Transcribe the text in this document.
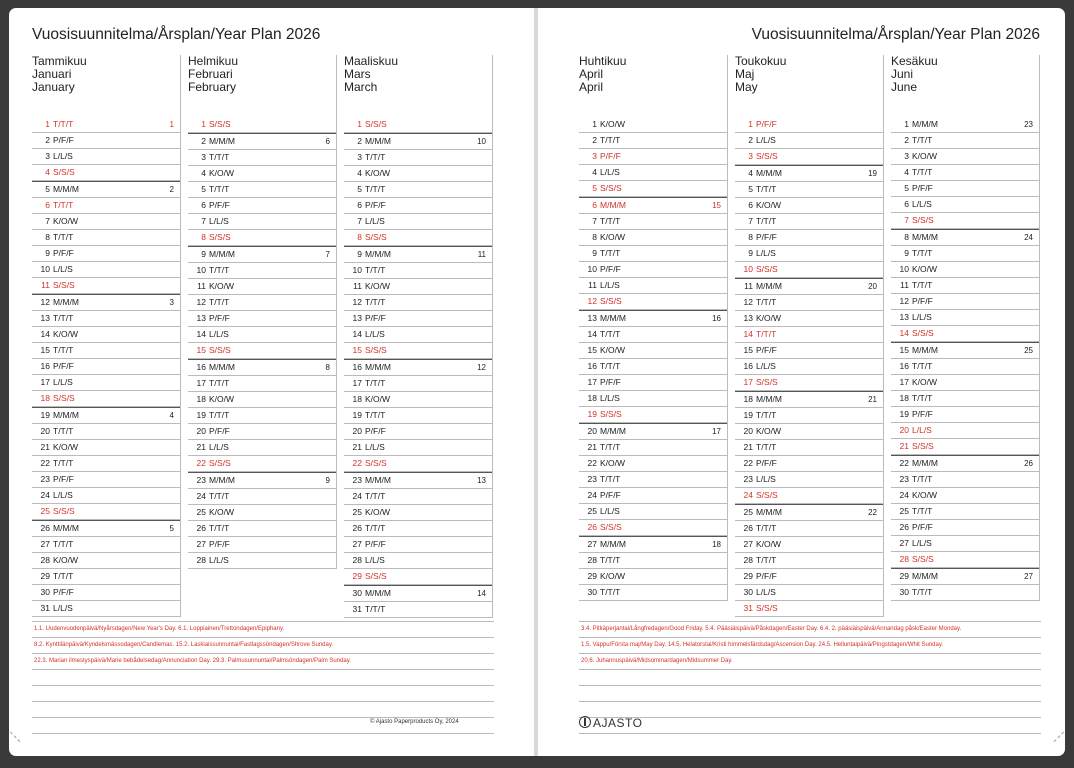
Vuosisuunnitelma/Årsplan/Year Plan 2026
Tammikuu
Januari
January
1 T/T/T	1
2 P/F/F
3 L/L/S
4 S/S/S
5 M/M/M	2
6 T/T/T
7 K/O/W
8 T/T/T
9 P/F/F
10 L/L/S
11 S/S/S
12 M/M/M	3
13 T/T/T
14 K/O/W
15 T/T/T
16 P/F/F
17 L/L/S
18 S/S/S
19 M/M/M	4
20 T/T/T
21 K/O/W
22 T/T/T
23 P/F/F
24 L/L/S
25 S/S/S
26 M/M/M	5
27 T/T/T
28 K/O/W
29 T/T/T
30 P/F/F
31 L/L/S
Helmikuu
Februari
February
1 S/S/S
2 M/M/M	6
3 T/T/T
4 K/O/W
5 T/T/T
6 P/F/F
7 L/L/S
8 S/S/S
9 M/M/M	7
10 T/T/T
11 K/O/W
12 T/T/T
13 P/F/F
14 L/L/S
15 S/S/S
16 M/M/M	8
17 T/T/T
18 K/O/W
19 T/T/T
20 P/F/F
21 L/L/S
22 S/S/S
23 M/M/M	9
24 T/T/T
25 K/O/W
26 T/T/T
27 P/F/F
28 L/L/S
Maaliskuu
Mars
March
1 S/S/S
2 M/M/M	10
3 T/T/T
4 K/O/W
5 T/T/T
6 P/F/F
7 L/L/S
8 S/S/S
9 M/M/M	11
10 T/T/T
11 K/O/W
12 T/T/T
13 P/F/F
14 L/L/S
15 S/S/S
16 M/M/M	12
17 T/T/T
18 K/O/W
19 T/T/T
20 P/F/F
21 L/L/S
22 S/S/S
23 M/M/M	13
24 T/T/T
25 K/O/W
26 T/T/T
27 P/F/F
28 L/L/S
29 S/S/S
30 M/M/M	14
31 T/T/T
1.1. Uudenvuodenpäivä/Nyårsdagen/New Year's Day. 6.1. Loppiainen/Trettondagen/Epiphany.
8.2. Kynttilänpäivä/Kyndelsmässodagen/Candlemas. 15.2. Laskiaissunnuntai/Fastlagssöndagen/Shrove Sunday.
22.3. Marian ilmestyspäivä/Marie bebådelsedag/Annunciation Day. 29.3. Palmusunnuntai/Palmsöndagen/Palm Sunday.
© Ajasto Paperproducts Oy, 2024
Vuosisuunnitelma/Årsplan/Year Plan 2026
Huhtikuu
April
April
1 K/O/W
2 T/T/T
3 P/F/F
4 L/L/S
5 S/S/S
6 M/M/M	15
7 T/T/T
8 K/O/W
9 T/T/T
10 P/F/F
11 L/L/S
12 S/S/S
13 M/M/M	16
14 T/T/T
15 K/O/W
16 T/T/T
17 P/F/F
18 L/L/S
19 S/S/S
20 M/M/M	17
21 T/T/T
22 K/O/W
23 T/T/T
24 P/F/F
25 L/L/S
26 S/S/S
27 M/M/M	18
28 T/T/T
29 K/O/W
30 T/T/T
Toukokuu
Maj
May
1 P/F/F
2 L/L/S
3 S/S/S
4 M/M/M	19
5 T/T/T
6 K/O/W
7 T/T/T
8 P/F/F
9 L/L/S
10 S/S/S
11 M/M/M	20
12 T/T/T
13 K/O/W
14 T/T/T
15 P/F/F
16 L/L/S
17 S/S/S
18 M/M/M	21
19 T/T/T
20 K/O/W
21 T/T/T
22 P/F/F
23 L/L/S
24 S/S/S
25 M/M/M	22
26 T/T/T
27 K/O/W
28 T/T/T
29 P/F/F
30 L/L/S
31 S/S/S
Kesäkuu
Juni
June
1 M/M/M	23
2 T/T/T
3 K/O/W
4 T/T/T
5 P/F/F
6 L/L/S
7 S/S/S
8 M/M/M	24
9 T/T/T
10 K/O/W
11 T/T/T
12 P/F/F
13 L/L/S
14 S/S/S
15 M/M/M	25
16 T/T/T
17 K/O/W
18 T/T/T
19 P/F/F
20 L/L/S
21 S/S/S
22 M/M/M	26
23 T/T/T
24 K/O/W
25 T/T/T
26 P/F/F
27 L/L/S
28 S/S/S
29 M/M/M	27
30 T/T/T
3.4. Pitkäperjantai/Långfredagen/Good Friday. 5.4. Pääsiäispäivä/Påskdagen/Easter Day. 6.4. 2. pääsiäispäivä/Annandag påsk/Easter Monday.
1.5. Vappu/Första maj/May Day. 14.5. Helatorstai/Kristi himmelsfärdsdag/Ascension Day. 24.5. Helluntaipäivä/Pingstdagen/Whit Sunday.
20.6. Juhannuspäivä/Midsommardagen/Midsummer Day.
AJASTO
